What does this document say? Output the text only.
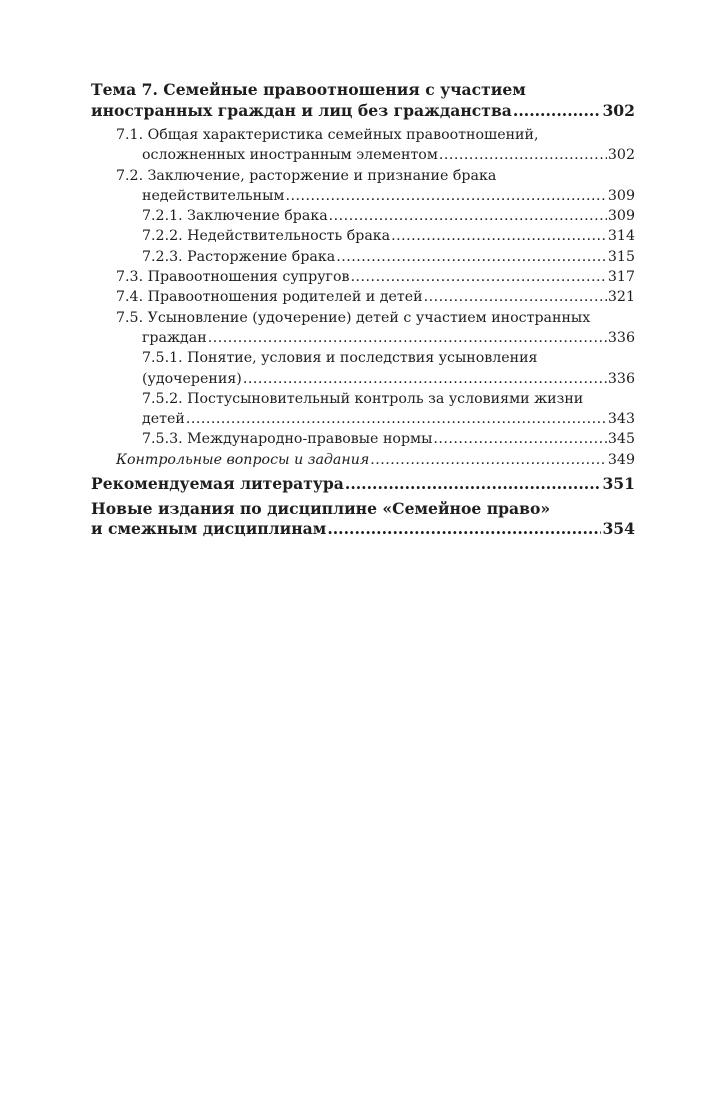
Тема 7. Семейные правоотношения с участием
иностранных граждан и лиц без гражданства .....	302
7.1. Общая характеристика семейных правоотношений,
осложненных иностранным элементом .....	302
7.2. Заключение, расторжение и признание брака
недействительным .....	309
7.2.1. Заключение брака .....	309
7.2.2. Недействительность брака .....	314
7.2.3. Расторжение брака .....	315
7.3. Правоотношения супругов .....	317
7.4. Правоотношения родителей и детей .....	321
7.5. Усыновление (удочерение) детей с участием иностранных
граждан .....	336
7.5.1. Понятие, условия и последствия усыновления
(удочерения) .....	336
7.5.2. Постусыновительный контроль за условиями жизни
детей .....	343
7.5.3. Международно-правовые нормы .....	345
Контрольные вопросы и задания .....	349
Рекомендуемая литература .....	351
Новые издания по дисциплине «Семейное право»
и смежным дисциплинам .....	354
